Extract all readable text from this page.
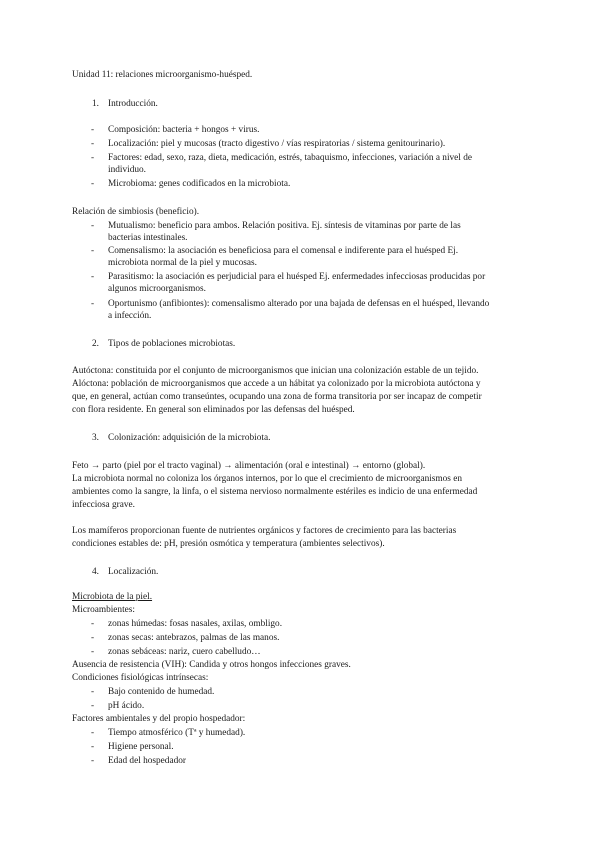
Unidad 11: relaciones microorganismo-huésped.
1. Introducción.
- Composición: bacteria + hongos + virus.
- Localización: piel y mucosas (tracto digestivo / vías respiratorias / sistema genitourinario).
- Factores: edad, sexo, raza, dieta, medicación, estrés, tabaquismo, infecciones, variación a nivel de
individuo.
- Microbioma: genes codificados en la microbiota.
Relación de simbiosis (beneficio).
- Mutualismo: beneficio para ambos. Relación positiva. Ej. síntesis de vitaminas por parte de las
bacterias intestinales.
- Comensalismo: la asociación es beneficiosa para el comensal e indiferente para el huésped Ej.
microbiota normal de la piel y mucosas.
- Parasitismo: la asociación es perjudicial para el huésped Ej. enfermedades infecciosas producidas por
algunos microorganismos.
- Oportunismo (anfibiontes): comensalismo alterado por una bajada de defensas en el huésped, llevando
a infección.
2. Tipos de poblaciones microbiotas.
Autóctona: constituida por el conjunto de microorganismos que inician una colonización estable de un tejido.
Alóctona: población de microorganismos que accede a un hábitat ya colonizado por la microbiota autóctona y
que, en general, actúan como transeúntes, ocupando una zona de forma transitoria por ser incapaz de competir
con flora residente. En general son eliminados por las defensas del huésped.
3. Colonización: adquisición de la microbiota.
Feto → parto (piel por el tracto vaginal) → alimentación (oral e intestinal) → entorno (global).
La microbiota normal no coloniza los órganos internos, por lo que el crecimiento de microorganismos en
ambientes como la sangre, la linfa, o el sistema nervioso normalmente estériles es indicio de una enfermedad
infecciosa grave.
Los mamíferos proporcionan fuente de nutrientes orgánicos y factores de crecimiento para las bacterias
condiciones estables de: pH, presión osmótica y temperatura (ambientes selectivos).
4. Localización.
Microbiota de la piel.
Microambientes:
- zonas húmedas: fosas nasales, axilas, ombligo.
- zonas secas: antebrazos, palmas de las manos.
- zonas sebáceas: nariz, cuero cabelludo…
Ausencia de resistencia (VIH): Candida y otros hongos infecciones graves.
Condiciones fisiológicas intrínsecas:
- Bajo contenido de humedad.
- pH ácido.
Factores ambientales y del propio hospedador:
- Tiempo atmosférico (Tª y humedad).
- Higiene personal.
- Edad del hospedador
